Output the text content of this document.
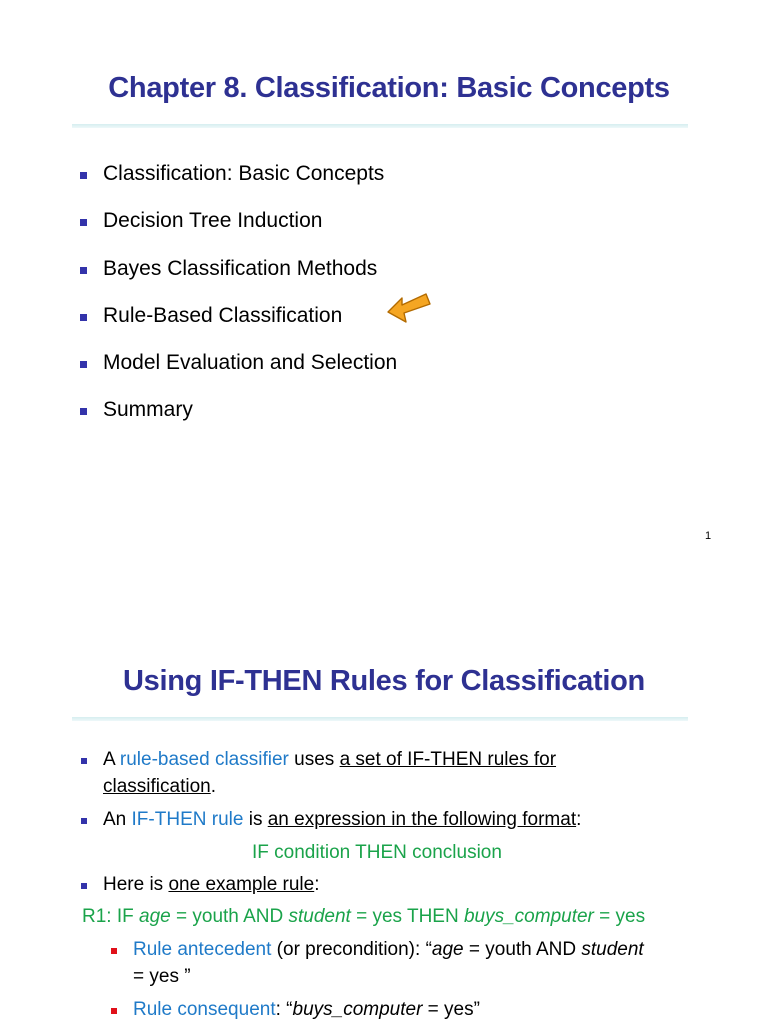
Chapter 8. Classification: Basic Concepts
Classification: Basic Concepts
Decision Tree Induction
Bayes Classification Methods
Rule-Based Classification
Model Evaluation and Selection
Summary
1
Using IF-THEN Rules for Classification
A rule-based classifier uses a set of IF-THEN rules for
classification.
An IF-THEN rule is an expression in the following format:
IF condition THEN conclusion
Here is one example rule:
R1: IF age = youth AND student = yes THEN buys_computer = yes
Rule antecedent (or precondition): “age = youth AND student
= yes ”
Rule consequent: “buys_computer = yes”
